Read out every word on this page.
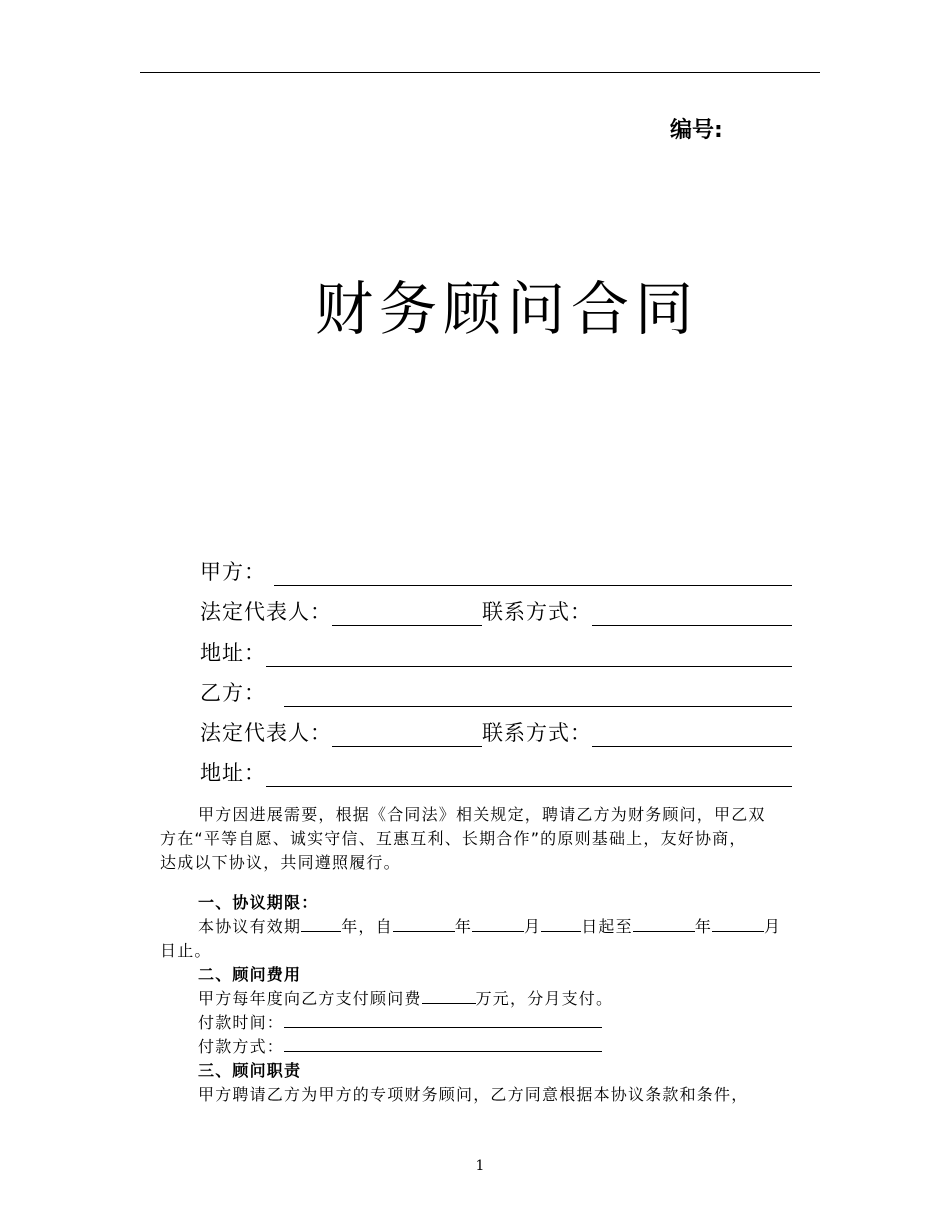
编号:
财务顾问合同
甲方：
法定代表人：	联系方式：
地址：
乙方：
法定代表人：	联系方式：
地址：
甲方因进展需要，根据《合同法》相关规定，聘请乙方为财务顾问，甲乙双
方在“平等自愿、诚实守信、互惠互利、长期合作”的原则基础上，友好协商，
达成以下协议，共同遵照履行。
一、协议期限：
本协议有效期	年，自	年	月	日起至	年	月
日止。
二、顾问费用
甲方每年度向乙方支付顾问费	万元，分月支付。
付款时间：
付款方式：
三、顾问职责
甲方聘请乙方为甲方的专项财务顾问，乙方同意根据本协议条款和条件，
1
